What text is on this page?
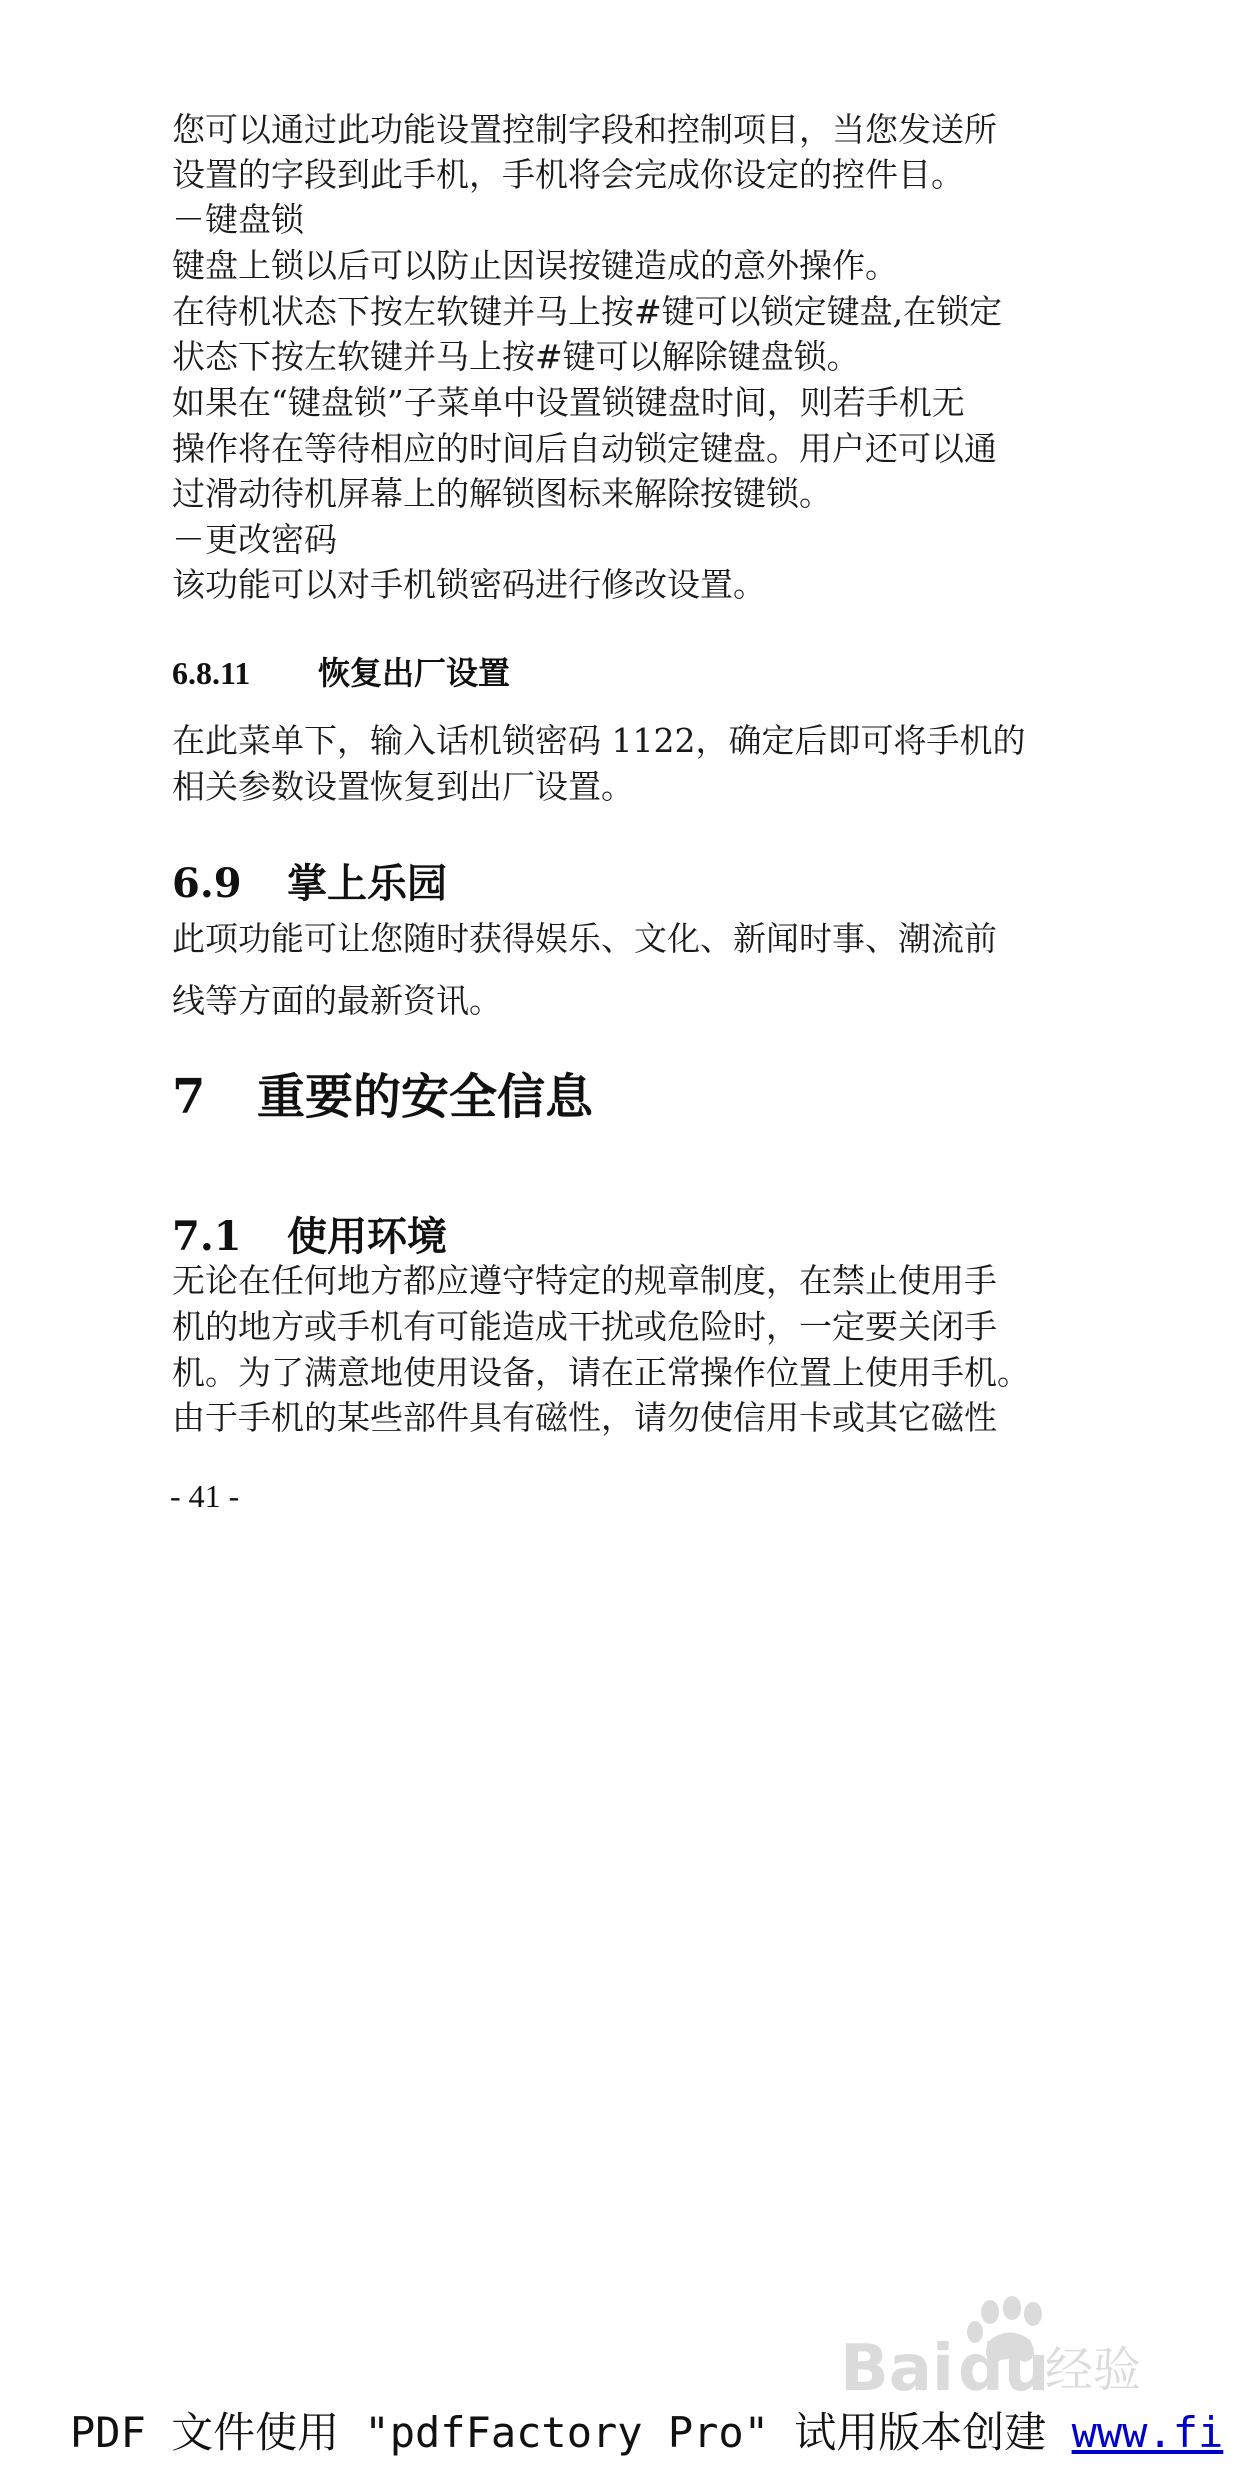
您可以通过此功能设置控制字段和控制项目，当您发送所
设置的字段到此手机，手机将会完成你设定的控件目。
－键盘锁
键盘上锁以后可以防止因误按键造成的意外操作。
在待机状态下按左软键并马上按#键可以锁定键盘,在锁定
状态下按左软键并马上按#键可以解除键盘锁。
如果在“键盘锁”子菜单中设置锁键盘时间，则若手机无
操作将在等待相应的时间后自动锁定键盘。用户还可以通
过滑动待机屏幕上的解锁图标来解除按键锁。
－更改密码
该功能可以对手机锁密码进行修改设置。
6.8.11 恢复出厂设置
在此菜单下，输入话机锁密码 1122，确定后即可将手机的
相关参数设置恢复到出厂设置。
6.9 掌上乐园
此项功能可让您随时获得娱乐、文化、新闻时事、潮流前
线等方面的最新资讯。
7 重要的安全信息
7.1 使用环境
无论在任何地方都应遵守特定的规章制度，在禁止使用手
机的地方或手机有可能造成干扰或危险时，一定要关闭手
机。为了满意地使用设备，请在正常操作位置上使用手机。
由于手机的某些部件具有磁性，请勿使信用卡或其它磁性
- 41 -
Bai du
经验
PDF 文件使用 "pdfFactory Pro" 试用版本创建 www.fi
